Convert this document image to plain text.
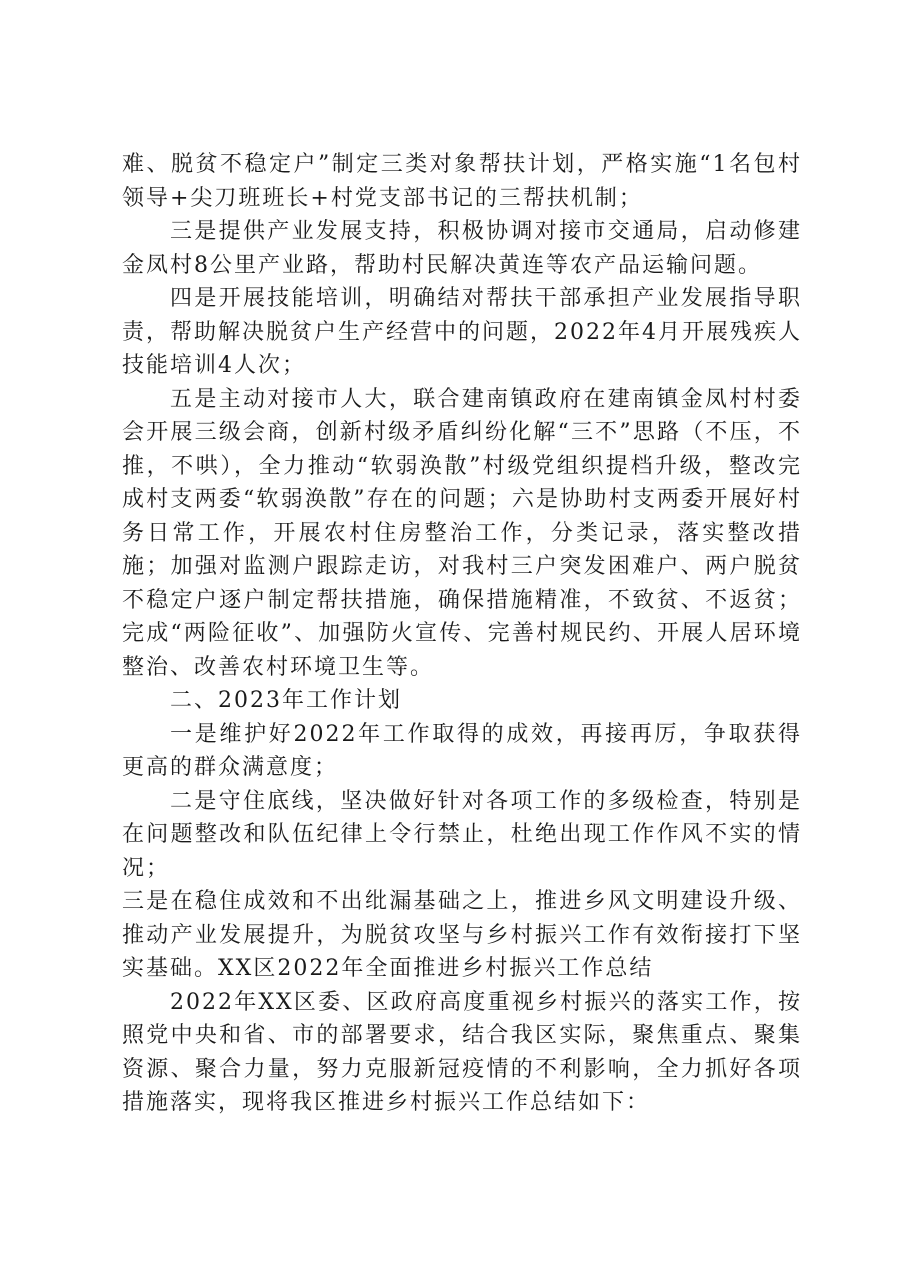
难、脱贫不稳定户”制定三类对象帮扶计划，严格实施“1名包村领导+尖刀班班长+村党支部书记的三帮扶机制；

三是提供产业发展支持，积极协调对接市交通局，启动修建金凤村8公里产业路，帮助村民解决黄连等农产品运输问题。

四是开展技能培训，明确结对帮扶干部承担产业发展指导职责，帮助解决脱贫户生产经营中的问题，2022年4月开展残疾人技能培训4人次；

五是主动对接市人大，联合建南镇政府在建南镇金凤村村委会开展三级会商，创新村级矛盾纠纷化解“三不”思路（不压，不推，不哄），全力推动“软弱涣散”村级党组织提档升级，整改完成村支两委“软弱涣散”存在的问题；六是协助村支两委开展好村务日常工作，开展农村住房整治工作，分类记录，落实整改措施；加强对监测户跟踪走访，对我村三户突发困难户、两户脱贫不稳定户逐户制定帮扶措施，确保措施精准，不致贫、不返贫；完成“两险征收”、加强防火宣传、完善村规民约、开展人居环境整治、改善农村环境卫生等。

二、2023年工作计划

一是维护好2022年工作取得的成效，再接再厉，争取获得更高的群众满意度；

二是守住底线，坚决做好针对各项工作的多级检查，特别是在问题整改和队伍纪律上令行禁止，杜绝出现工作作风不实的情况；

三是在稳住成效和不出纰漏基础之上，推进乡风文明建设升级、推动产业发展提升，为脱贫攻坚与乡村振兴工作有效衔接打下坚实基础。XX区2022年全面推进乡村振兴工作总结

2022年XX区委、区政府高度重视乡村振兴的落实工作，按照党中央和省、市的部署要求，结合我区实际，聚焦重点、聚集资源、聚合力量，努力克服新冠疫情的不利影响，全力抓好各项措施落实，现将我区推进乡村振兴工作总结如下：
